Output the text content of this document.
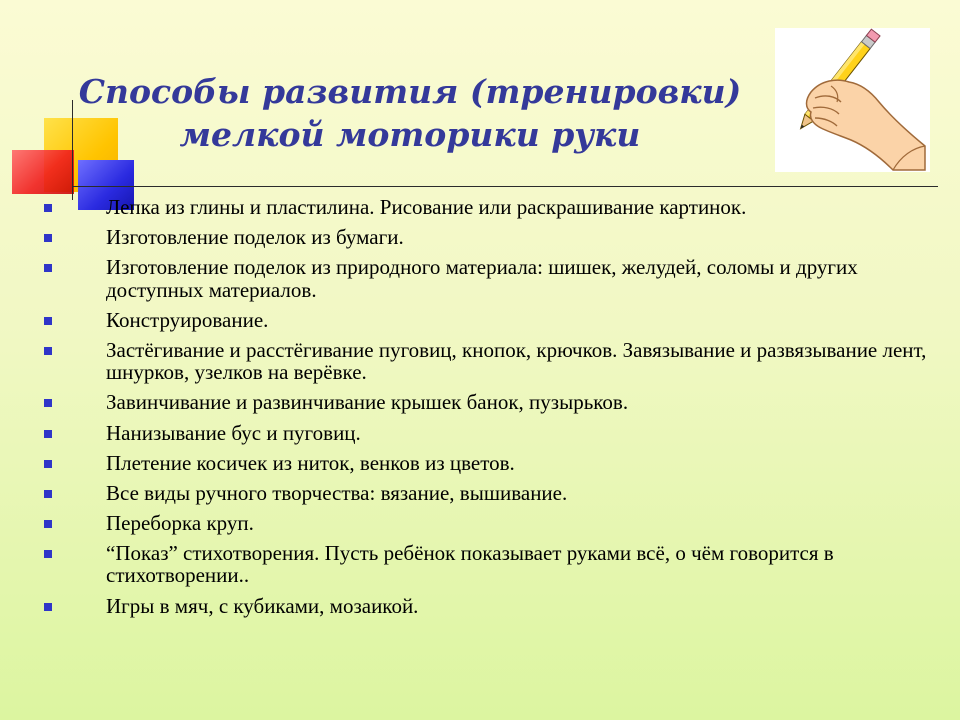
Способы развития (тренировки)
мелкой моторики руки
Лепка из глины и пластилина. Рисование или раскрашивание картинок.
Изготовление поделок из бумаги.
Изготовление поделок из природного материала: шишек, желудей, соломы и других доступных материалов.
Конструирование.
Застёгивание и расстёгивание пуговиц, кнопок, крючков. Завязывание и развязывание лент, шнурков, узелков на верёвке.
Завинчивание и развинчивание крышек банок, пузырьков.
Нанизывание бус и пуговиц.
Плетение косичек из ниток, венков из цветов.
Все виды ручного творчества: вязание, вышивание.
Переборка круп.
“Показ” стихотворения. Пусть ребёнок показывает руками всё, о чём говорится в стихотворении..
Игры в мяч, с кубиками, мозаикой.
